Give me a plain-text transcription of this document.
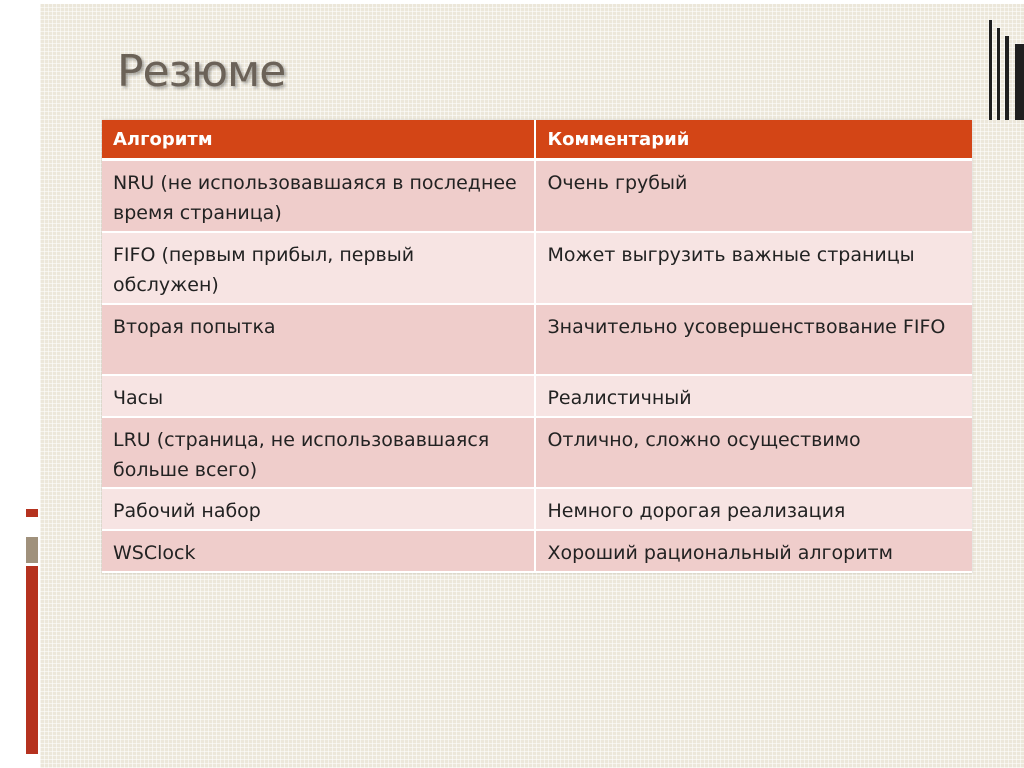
Резюме
Алгоритм	Комментарий
NRU (не использовавшаяся в последнее время страница)	Очень грубый
FIFO (первым прибыл, первый обслужен)	Может выгрузить важные страницы
Вторая попытка	Значительно усовершенствование FIFO
Часы	Реалистичный
LRU (страница, не использовавшаяся больше всего)	Отлично, сложно осуществимо
Рабочий набор	Немного дорогая реализация
WSClock	Хороший рациональный алгоритм
